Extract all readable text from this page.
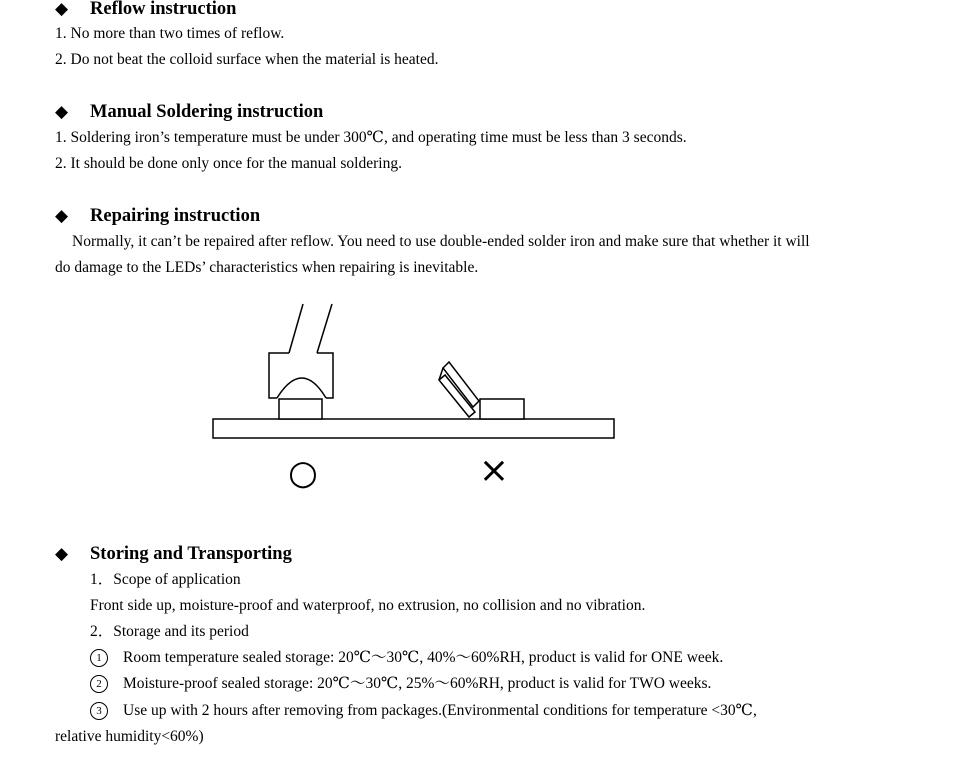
◆ Reflow instruction
1. No more than two times of reflow.
2. Do not beat the colloid surface when the material is heated.
◆ Manual Soldering instruction
1. Soldering iron’s temperature must be under 300℃, and operating time must be less than 3 seconds.
2. It should be done only once for the manual soldering.
◆ Repairing instruction
Normally, it can’t be repaired after reflow. You need to use double-ended solder iron and make sure that whether it will
do damage to the LEDs’ characteristics when repairing is inevitable.
○	×
◆ Storing and Transporting
1．Scope of application
Front side up, moisture-proof and waterproof, no extrusion, no collision and no vibration.
2．Storage and its period
1 Room temperature sealed storage: 20℃～30℃, 40%～60%RH, product is valid for ONE week.
2 Moisture-proof sealed storage: 20℃～30℃, 25%～60%RH, product is valid for TWO weeks.
3 Use up with 2 hours after removing from packages.(Environmental conditions for temperature <30℃,
relative humidity<60%)
